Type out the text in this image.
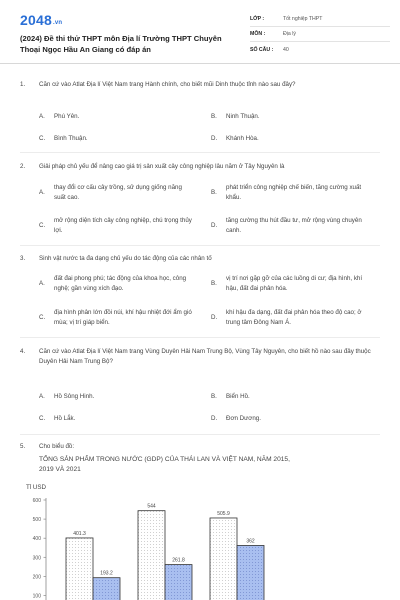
2048.vn
(2024) Đề thi thử THPT môn Địa lí Trường THPT Chuyên Thoại Ngọc Hầu An Giang có đáp án
LỚP :	Tốt nghiệp THPT
MÔN :	Địa lý
SỐ CÂU :	40
1.	Căn cứ vào Atlat Địa lí Việt Nam trang Hành chính, cho biết mũi Dinh thuộc tỉnh nào sau đây?
A.	Phú Yên.	B.	Ninh Thuận.
C.	Bình Thuận.	D.	Khánh Hòa.
2.	Giải pháp chủ yếu để nâng cao giá trị sản xuất cây công nghiệp lâu năm ở Tây Nguyên là
A.
thay đổi cơ cấu cây trồng, sử dụng giống năng suất cao.
B.
phát triển công nghiệp chế biến, tăng cường xuất khẩu.
C.
mở rộng diện tích cây công nghiệp, chú trọng thủy lợi.
D.
tăng cường thu hút đầu tư, mở rộng vùng chuyên canh.
3.	Sinh vật nước ta đa dạng chủ yếu do tác động của các nhân tố
A.
đất đai phong phú; tác động của khoa học, công nghệ; gần vùng xích đạo.
B.
vị trí nơi gặp gỡ của các luồng di cư; địa hình, khí hậu, đất đai phân hóa.
C.
địa hình phân lớn đồi núi, khí hậu nhiệt đới ẩm gió mùa; vị trí giáp biển.
D.
khí hậu đa dạng, đất đai phân hóa theo độ cao; ở trung tâm Đông Nam Á.
4.	Căn cứ vào Atlat Địa lí Việt Nam trang Vùng Duyên Hải Nam Trung Bộ, Vùng Tây Nguyên, cho biết hồ nào sau đây thuộc Duyên Hải Nam Trung Bộ?
A.	Hồ Sông Hinh.	B.	Biển Hồ.
C.	Hồ Lắk.	D.	Đơn Dương.
5.	Cho biểu đồ:
TỔNG SẢN PHẨM TRONG NƯỚC (GDP) CỦA THÁI LAN VÀ VIỆT NAM, NĂM 2015, 2019 VÀ 2021
Tỉ USD
100
200
300
400
500
600
401.3
544
505.9
193.2
261.8
362
